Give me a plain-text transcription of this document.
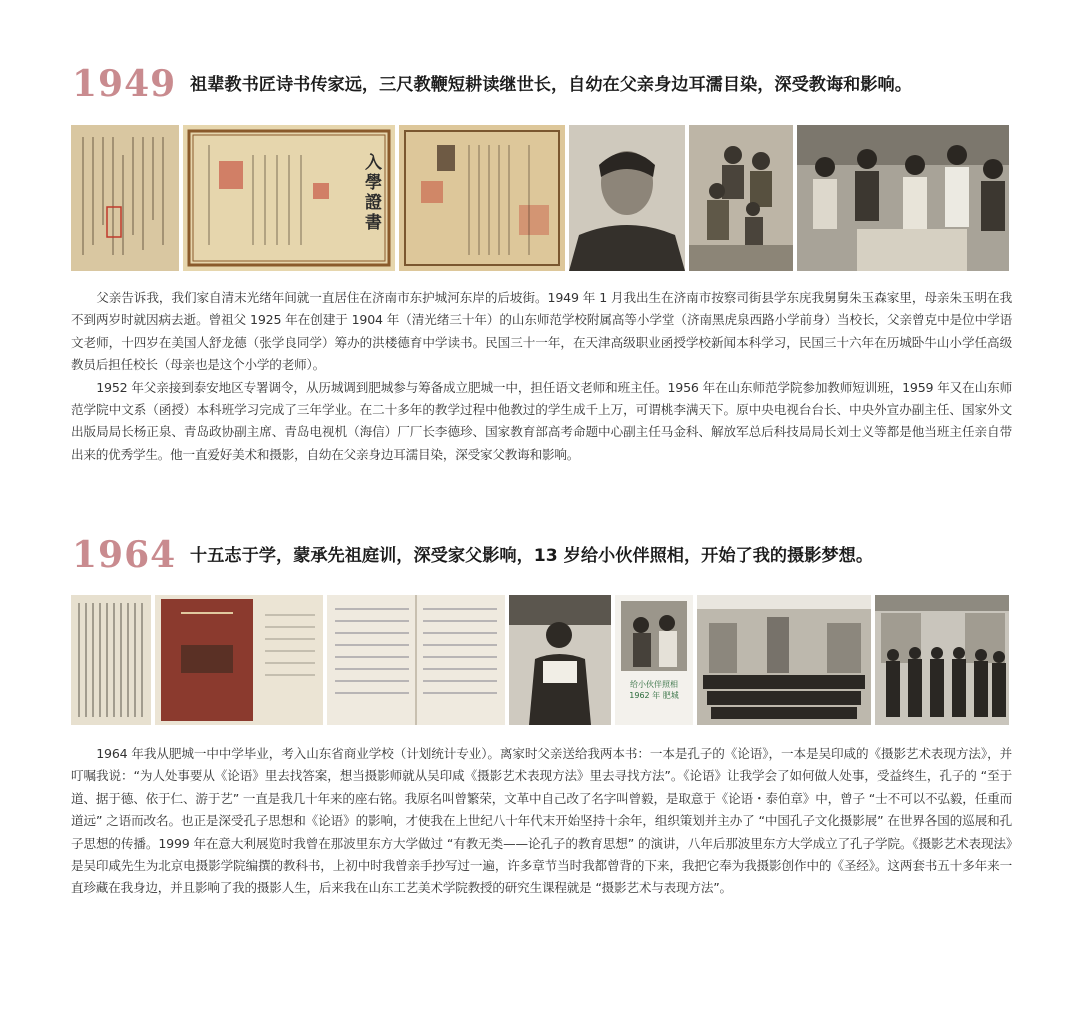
1949 祖辈教书匠诗书传家远，三尺教鞭短耕读继世长，自幼在父亲身边耳濡目染，深受教诲和影响。
入學證書

父亲告诉我，我们家自清末光绪年间就一直居住在济南市东护城河东岸的后坡街。1949 年 1 月我出生在济南市按察司街县学东庑我舅舅朱玉森家里，母亲朱玉明在我不到两岁时就因病去逝。曾祖父 1925 年在创建于 1904 年（清光绪三十年）的山东师范学校附属高等小学堂（济南黑虎泉西路小学前身）当校长，父亲曾克中是位中学语文老师，十四岁在美国人舒龙德（张学良同学）筹办的洪楼德育中学读书。民国三十一年，在天津高级职业函授学校新闻本科学习，民国三十六年在历城卧牛山小学任高级教员后担任校长（母亲也是这个小学的老师）。

1952 年父亲接到泰安地区专署调令，从历城调到肥城参与筹备成立肥城一中，担任语文老师和班主任。1956 年在山东师范学院参加教师短训班，1959 年又在山东师范学院中文系（函授）本科班学习完成了三年学业。在二十多年的教学过程中他教过的学生成千上万，可谓桃李满天下。原中央电视台台长、中央外宣办副主任、国家外文出版局局长杨正泉、青岛政协副主席、青岛电视机（海信）厂厂长李德珍、国家教育部高考命题中心副主任马金科、解放军总后科技局局长刘士义等都是他当班主任亲自带出来的优秀学生。他一直爱好美术和摄影，自幼在父亲身边耳濡目染，深受家父教诲和影响。

1964 十五志于学，蒙承先祖庭训，深受家父影响，13 岁给小伙伴照相，开始了我的摄影梦想。
给小伙伴照相 1962 年 肥城

1964 年我从肥城一中中学毕业，考入山东省商业学校（计划统计专业）。离家时父亲送给我两本书：一本是孔子的《论语》，一本是吴印咸的《摄影艺术表现方法》，并叮嘱我说：“为人处事要从《论语》里去找答案，想当摄影师就从吴印咸《摄影艺术表现方法》里去寻找方法”。《论语》让我学会了如何做人处事，受益终生，孔子的 “至于道、据于德、依于仁、游于艺” 一直是我几十年来的座右铭。我原名叫曾繁荣，文革中自己改了名字叫曾毅，是取意于《论语・泰伯章》中，曾子 “士不可以不弘毅，任重而道远” 之语而改名。也正是深受孔子思想和《论语》的影响，才使我在上世纪八十年代末开始坚持十余年，组织策划并主办了 “中国孔子文化摄影展” 在世界各国的巡展和孔子思想的传播。1999 年在意大利展览时我曾在那波里东方大学做过 “有教无类——论孔子的教育思想” 的演讲，八年后那波里东方大学成立了孔子学院。《摄影艺术表现法》是吴印咸先生为北京电摄影学院编撰的教科书，上初中时我曾亲手抄写过一遍，许多章节当时我都曾背的下来，我把它奉为我摄影创作中的《圣经》。这两套书五十多年来一直珍藏在我身边，并且影响了我的摄影人生，后来我在山东工艺美术学院教授的研究生课程就是 “摄影艺术与表现方法”。
